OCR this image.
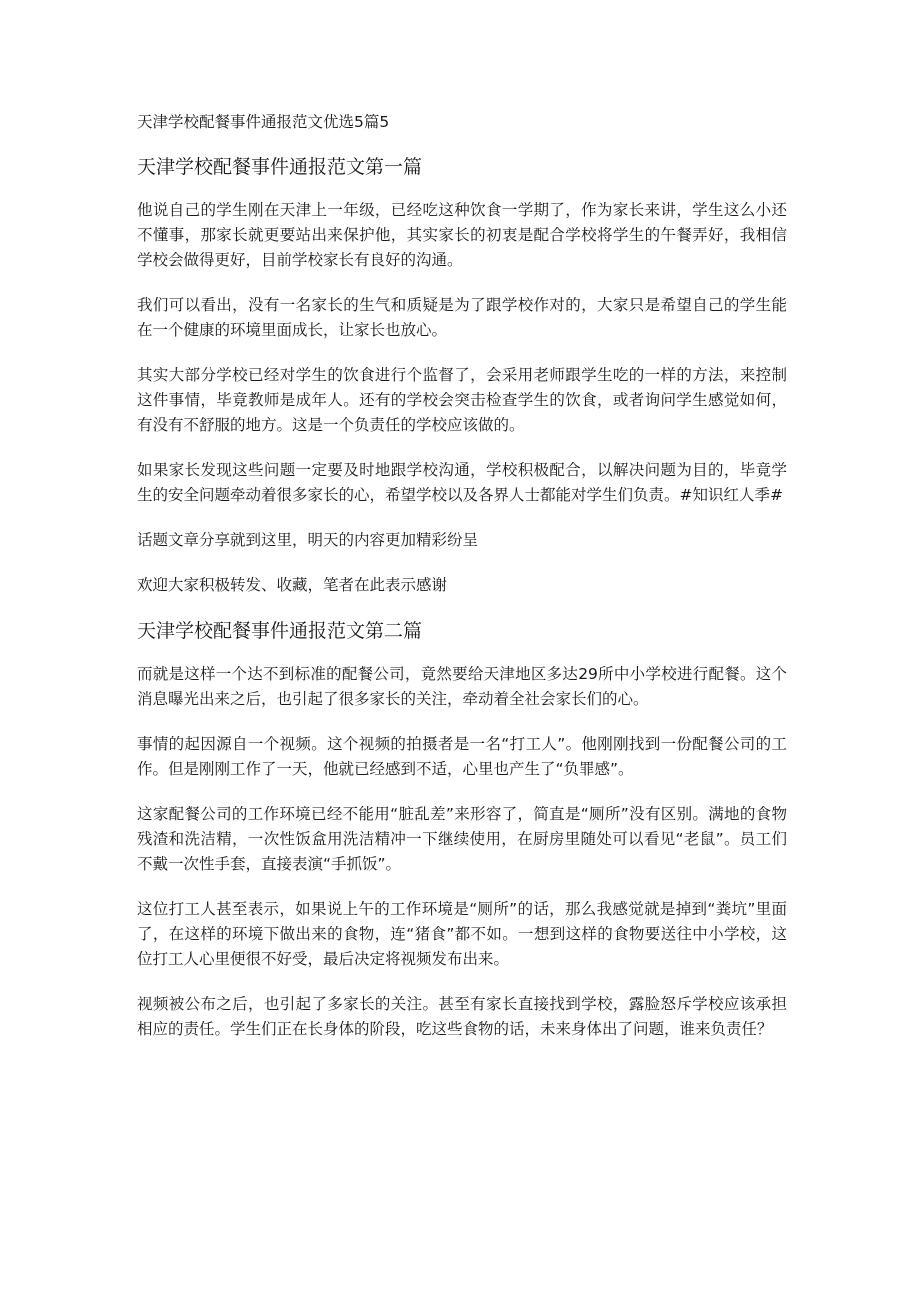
天津学校配餐事件通报范文优选5篇5
天津学校配餐事件通报范文第一篇

他说自己的学生刚在天津上一年级，已经吃这种饮食一学期了，作为家长来讲，学生这么小还不懂事，那家长就更要站出来保护他，其实家长的初衷是配合学校将学生的午餐弄好，我相信学校会做得更好，目前学校家长有良好的沟通。

我们可以看出，没有一名家长的生气和质疑是为了跟学校作对的，大家只是希望自己的学生能在一个健康的环境里面成长，让家长也放心。

其实大部分学校已经对学生的饮食进行个监督了，会采用老师跟学生吃的一样的方法，来控制这件事情，毕竟教师是成年人。还有的学校会突击检查学生的饮食，或者询问学生感觉如何，有没有不舒服的地方。这是一个负责任的学校应该做的。

如果家长发现这些问题一定要及时地跟学校沟通，学校积极配合，以解决问题为目的，毕竟学生的安全问题牵动着很多家长的心，希望学校以及各界人士都能对学生们负责。#知识红人季#

话题文章分享就到这里，明天的内容更加精彩纷呈

欢迎大家积极转发、收藏，笔者在此表示感谢

天津学校配餐事件通报范文第二篇

而就是这样一个达不到标准的配餐公司，竟然要给天津地区多达29所中小学校进行配餐。这个消息曝光出来之后，也引起了很多家长的关注，牵动着全社会家长们的心。

事情的起因源自一个视频。这个视频的拍摄者是一名“打工人”。他刚刚找到一份配餐公司的工作。但是刚刚工作了一天，他就已经感到不适，心里也产生了“负罪感”。

这家配餐公司的工作环境已经不能用“脏乱差”来形容了，简直是“厕所”没有区别。满地的食物残渣和洗洁精，一次性饭盒用洗洁精冲一下继续使用，在厨房里随处可以看见“老鼠”。员工们不戴一次性手套，直接表演“手抓饭”。

这位打工人甚至表示，如果说上午的工作环境是“厕所”的话，那么我感觉就是掉到“粪坑”里面了，在这样的环境下做出来的食物，连“猪食”都不如。一想到这样的食物要送往中小学校，这位打工人心里便很不好受，最后决定将视频发布出来。

视频被公布之后，也引起了多家长的关注。甚至有家长直接找到学校，露脸怒斥学校应该承担相应的责任。学生们正在长身体的阶段，吃这些食物的话，未来身体出了问题，谁来负责任？
